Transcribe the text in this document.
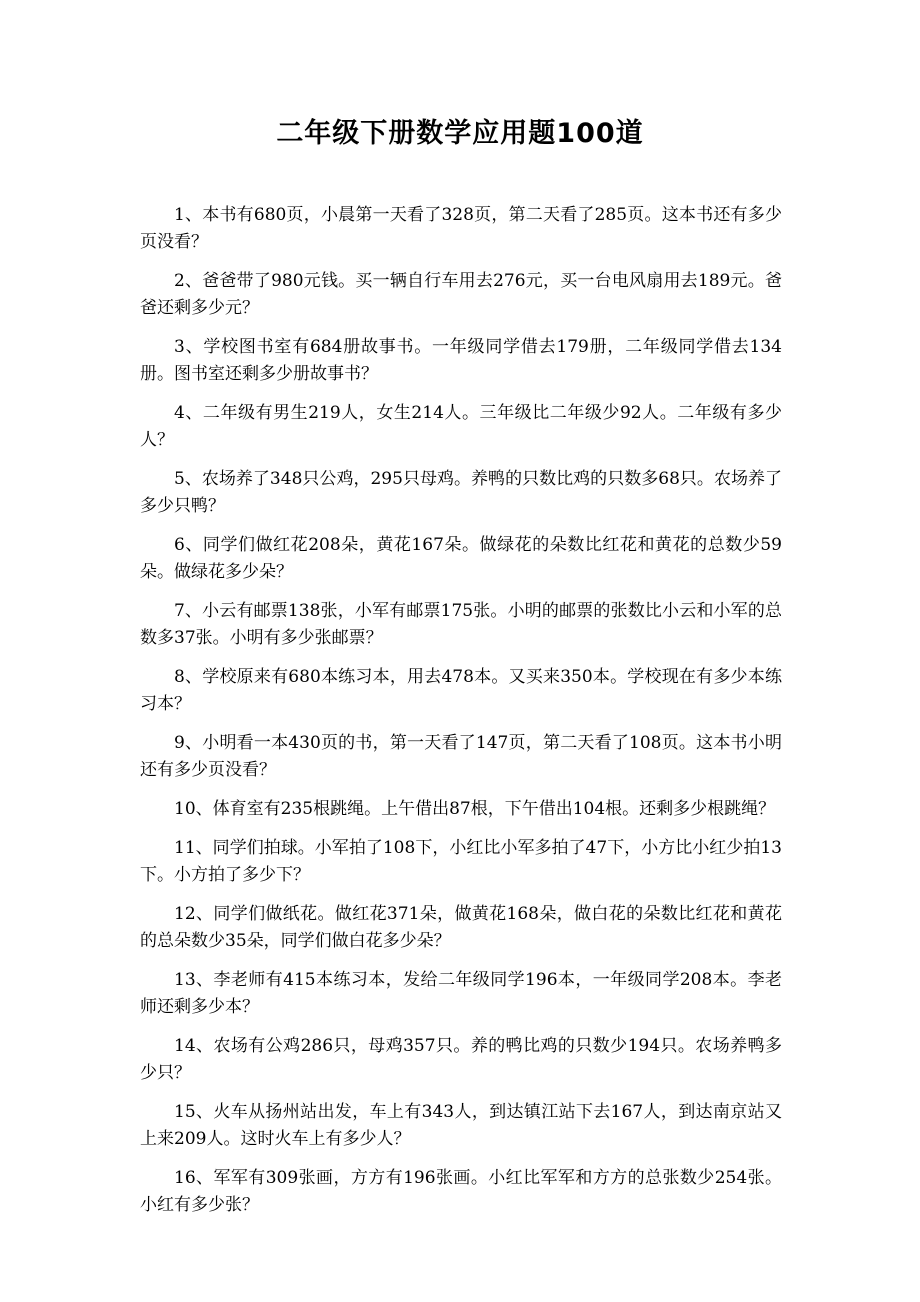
二年级下册数学应用题100道
1、本书有680页，小晨第一天看了328页，第二天看了285页。这本书还有多少页没看？
2、爸爸带了980元钱。买一辆自行车用去276元，买一台电风扇用去189元。爸爸还剩多少元？
3、学校图书室有684册故事书。一年级同学借去179册，二年级同学借去134册。图书室还剩多少册故事书？
4、二年级有男生219人，女生214人。三年级比二年级少92人。二年级有多少人？
5、农场养了348只公鸡，295只母鸡。养鸭的只数比鸡的只数多68只。农场养了多少只鸭？
6、同学们做红花208朵，黄花167朵。做绿花的朵数比红花和黄花的总数少59朵。做绿花多少朵？
7、小云有邮票138张，小军有邮票175张。小明的邮票的张数比小云和小军的总数多37张。小明有多少张邮票？
8、学校原来有680本练习本，用去478本。又买来350本。学校现在有多少本练习本？
9、小明看一本430页的书，第一天看了147页，第二天看了108页。这本书小明还有多少页没看？
10、体育室有235根跳绳。上午借出87根，下午借出104根。还剩多少根跳绳？
11、同学们拍球。小军拍了108下，小红比小军多拍了47下，小方比小红少拍13下。小方拍了多少下？
12、同学们做纸花。做红花371朵，做黄花168朵，做白花的朵数比红花和黄花的总朵数少35朵，同学们做白花多少朵？
13、李老师有415本练习本，发给二年级同学196本，一年级同学208本。李老师还剩多少本？
14、农场有公鸡286只，母鸡357只。养的鸭比鸡的只数少194只。农场养鸭多少只？
15、火车从扬州站出发，车上有343人，到达镇江站下去167人，到达南京站又上来209人。这时火车上有多少人？
16、军军有309张画，方方有196张画。小红比军军和方方的总张数少254张。小红有多少张？
